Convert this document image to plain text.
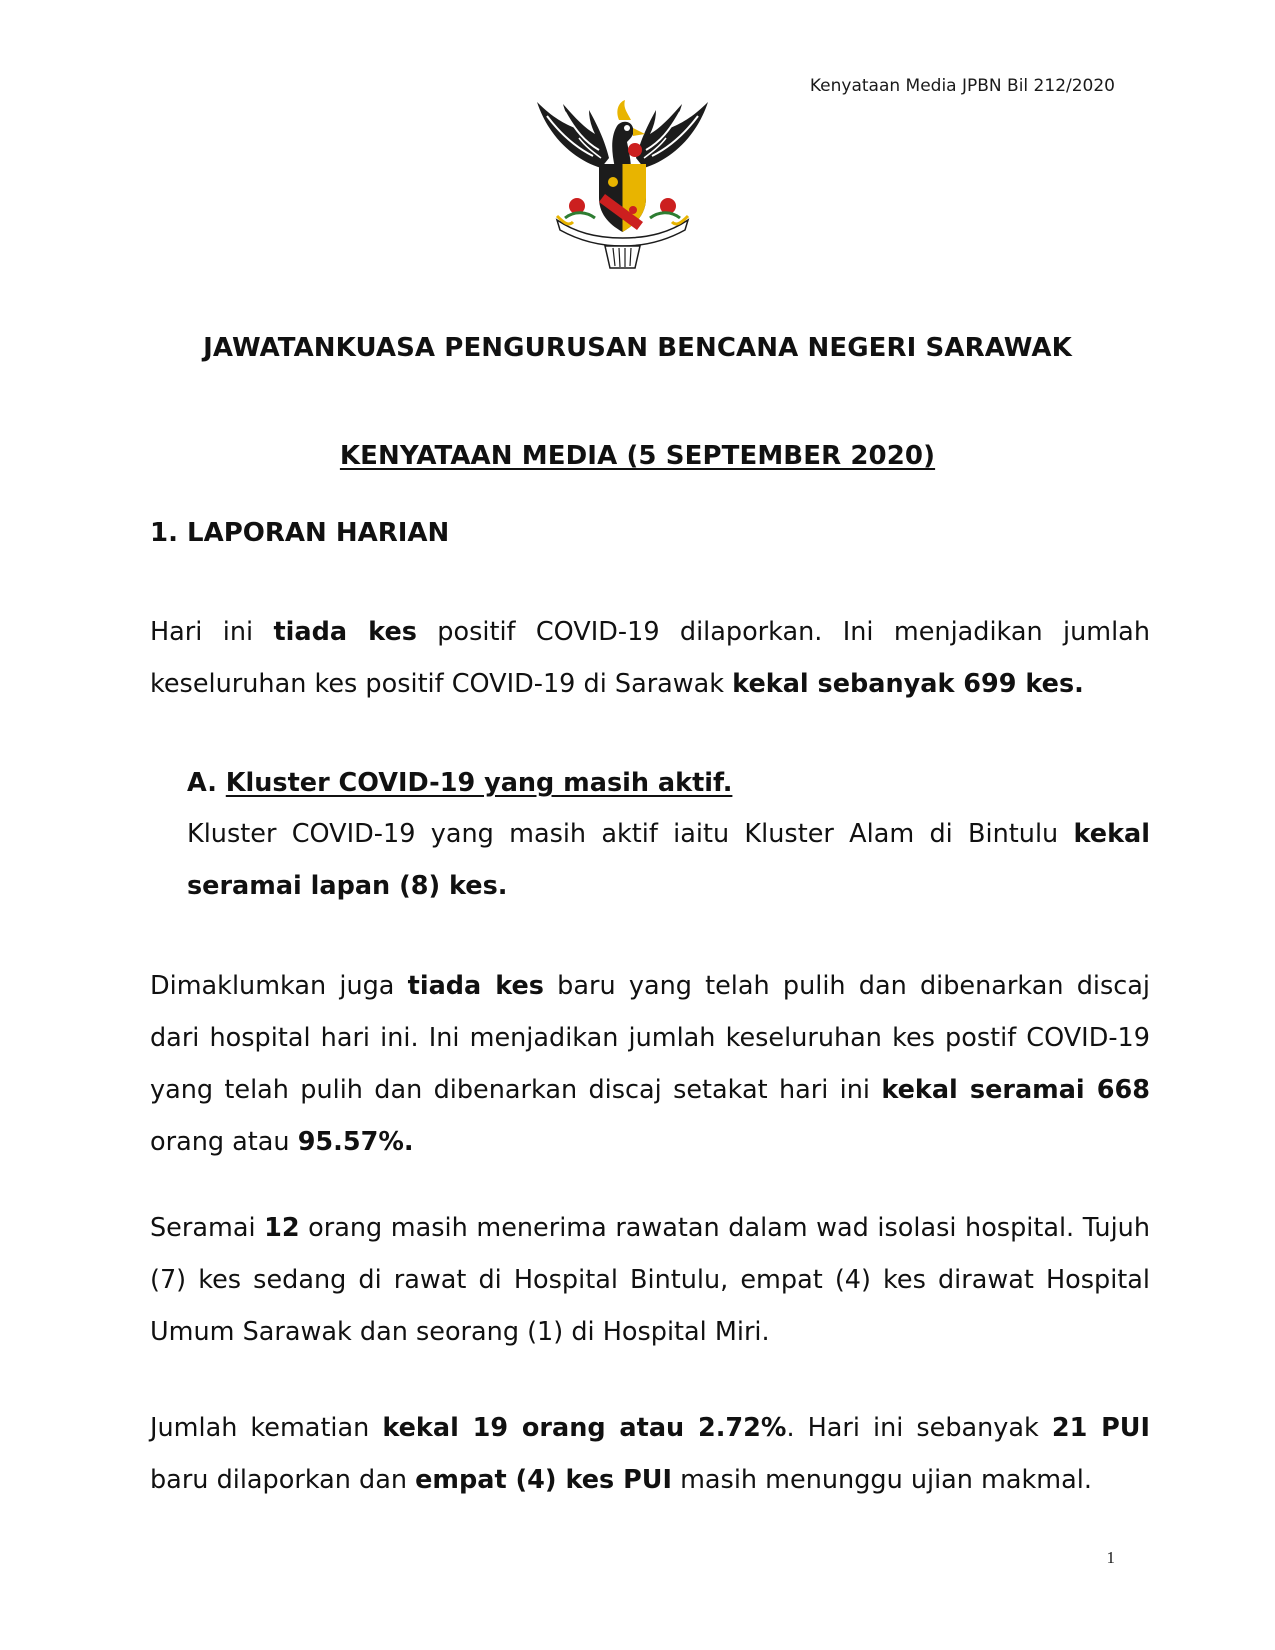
Kenyataan Media JPBN Bil 212/2020
JAWATANKUASA PENGURUSAN BENCANA NEGERI SARAWAK
KENYATAAN MEDIA (5 SEPTEMBER 2020)
1. LAPORAN HARIAN

Hari ini tiada kes positif COVID-19 dilaporkan. Ini menjadikan jumlah keseluruhan kes positif COVID-19 di Sarawak kekal sebanyak 699 kes.

A. Kluster COVID-19 yang masih aktif.

Kluster COVID-19 yang masih aktif iaitu Kluster Alam di Bintulu kekal seramai lapan (8) kes.

Dimaklumkan juga tiada kes baru yang telah pulih dan dibenarkan discaj dari hospital hari ini. Ini menjadikan jumlah keseluruhan kes postif COVID-19 yang telah pulih dan dibenarkan discaj setakat hari ini kekal seramai 668 orang atau 95.57%.

Seramai 12 orang masih menerima rawatan dalam wad isolasi hospital. Tujuh (7) kes sedang di rawat di Hospital Bintulu, empat (4) kes dirawat Hospital Umum Sarawak dan seorang (1) di Hospital Miri.

Jumlah kematian kekal 19 orang atau 2.72%. Hari ini sebanyak 21 PUI baru dilaporkan dan empat (4) kes PUI masih menunggu ujian makmal.

1
